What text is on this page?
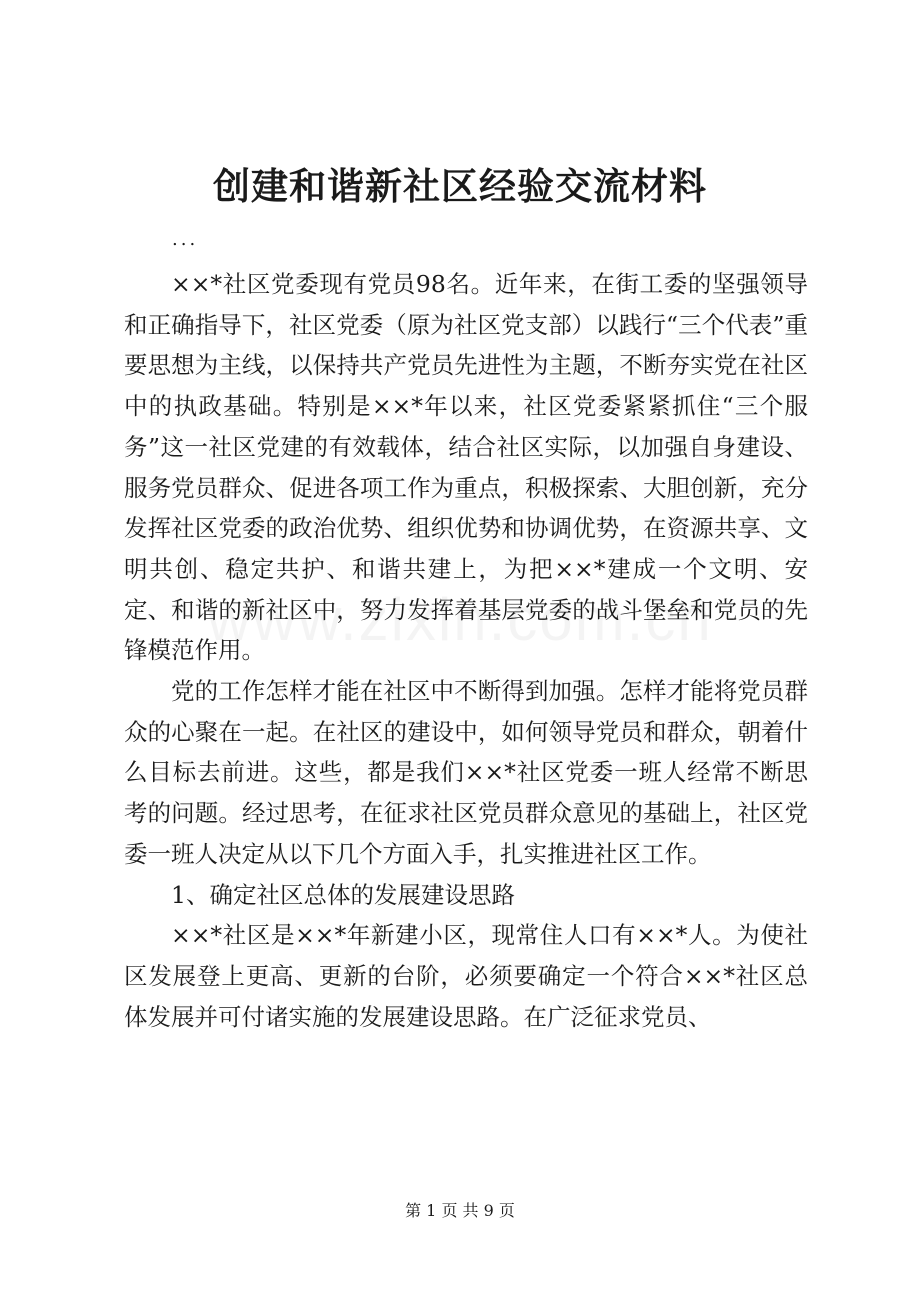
创建和谐新社区经验交流材料
...

××*社区党委现有党员98名。近年来，在街工委的坚强领导和正确指导下，社区党委（原为社区党支部）以践行“三个代表”重要思想为主线，以保持共产党员先进性为主题，不断夯实党在社区中的执政基础。特别是××*年以来，社区党委紧紧抓住“三个服务”这一社区党建的有效载体，结合社区实际，以加强自身建设、服务党员群众、促进各项工作为重点，积极探索、大胆创新，充分发挥社区党委的政治优势、组织优势和协调优势，在资源共享、文明共创、稳定共护、和谐共建上，为把××*建成一个文明、安定、和谐的新社区中，努力发挥着基层党委的战斗堡垒和党员的先锋模范作用。

党的工作怎样才能在社区中不断得到加强。怎样才能将党员群众的心聚在一起。在社区的建设中，如何领导党员和群众，朝着什么目标去前进。这些，都是我们××*社区党委一班人经常不断思考的问题。经过思考，在征求社区党员群众意见的基础上，社区党委一班人决定从以下几个方面入手，扎实推进社区工作。

1、确定社区总体的发展建设思路

××*社区是××*年新建小区，现常住人口有××*人。为使社区发展登上更高、更新的台阶，必须要确定一个符合××*社区总体发展并可付诸实施的发展建设思路。在广泛征求党员、

第 1 页 共 9 页
